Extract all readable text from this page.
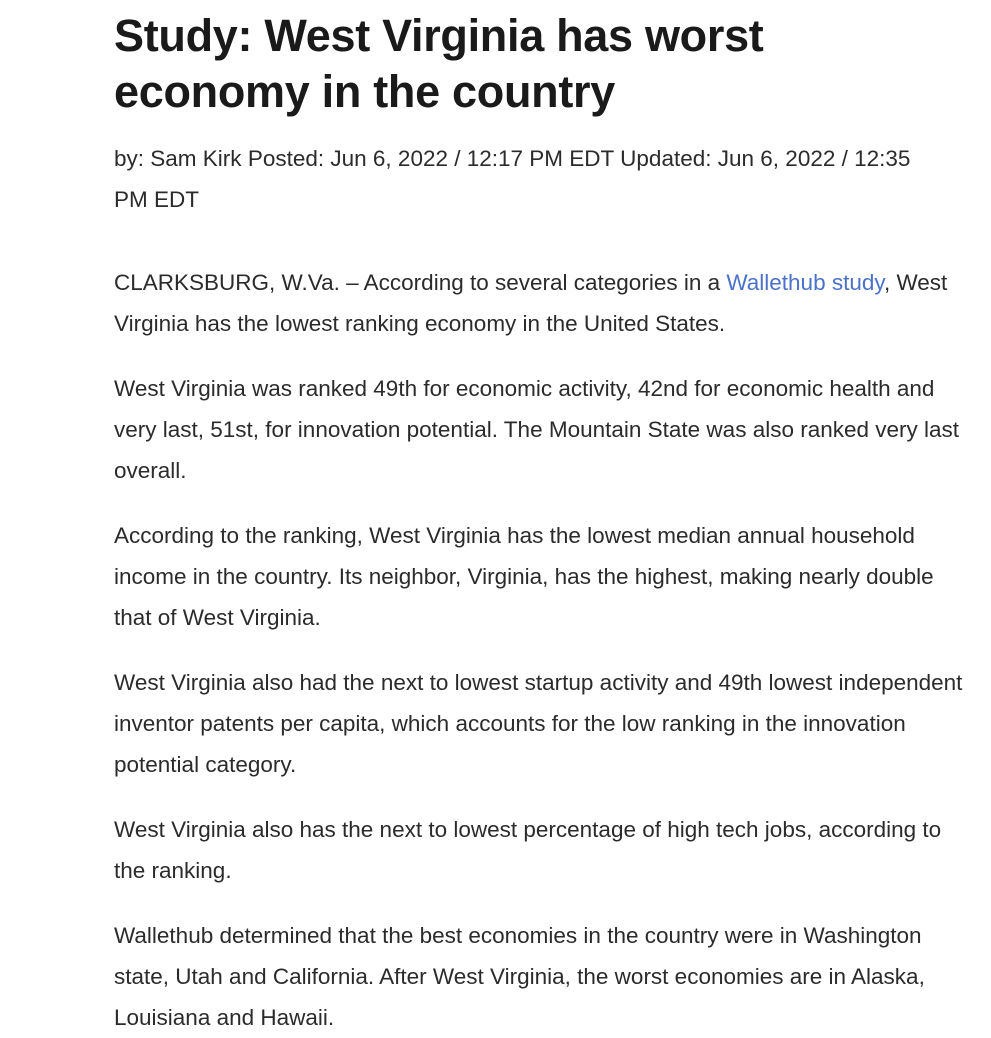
Study: West Virginia has worst economy in the country

by: Sam Kirk Posted: Jun 6, 2022 / 12:17 PM EDT Updated: Jun 6, 2022 / 12:35 PM EDT

CLARKSBURG, W.Va. – According to several categories in a Wallethub study, West Virginia has the lowest ranking economy in the United States.

West Virginia was ranked 49th for economic activity, 42nd for economic health and very last, 51st, for innovation potential. The Mountain State was also ranked very last overall.

According to the ranking, West Virginia has the lowest median annual household income in the country. Its neighbor, Virginia, has the highest, making nearly double that of West Virginia.

West Virginia also had the next to lowest startup activity and 49th lowest independent inventor patents per capita, which accounts for the low ranking in the innovation potential category.

West Virginia also has the next to lowest percentage of high tech jobs, according to the ranking.

Wallethub determined that the best economies in the country were in Washington state, Utah and California. After West Virginia, the worst economies are in Alaska, Louisiana and Hawaii.
